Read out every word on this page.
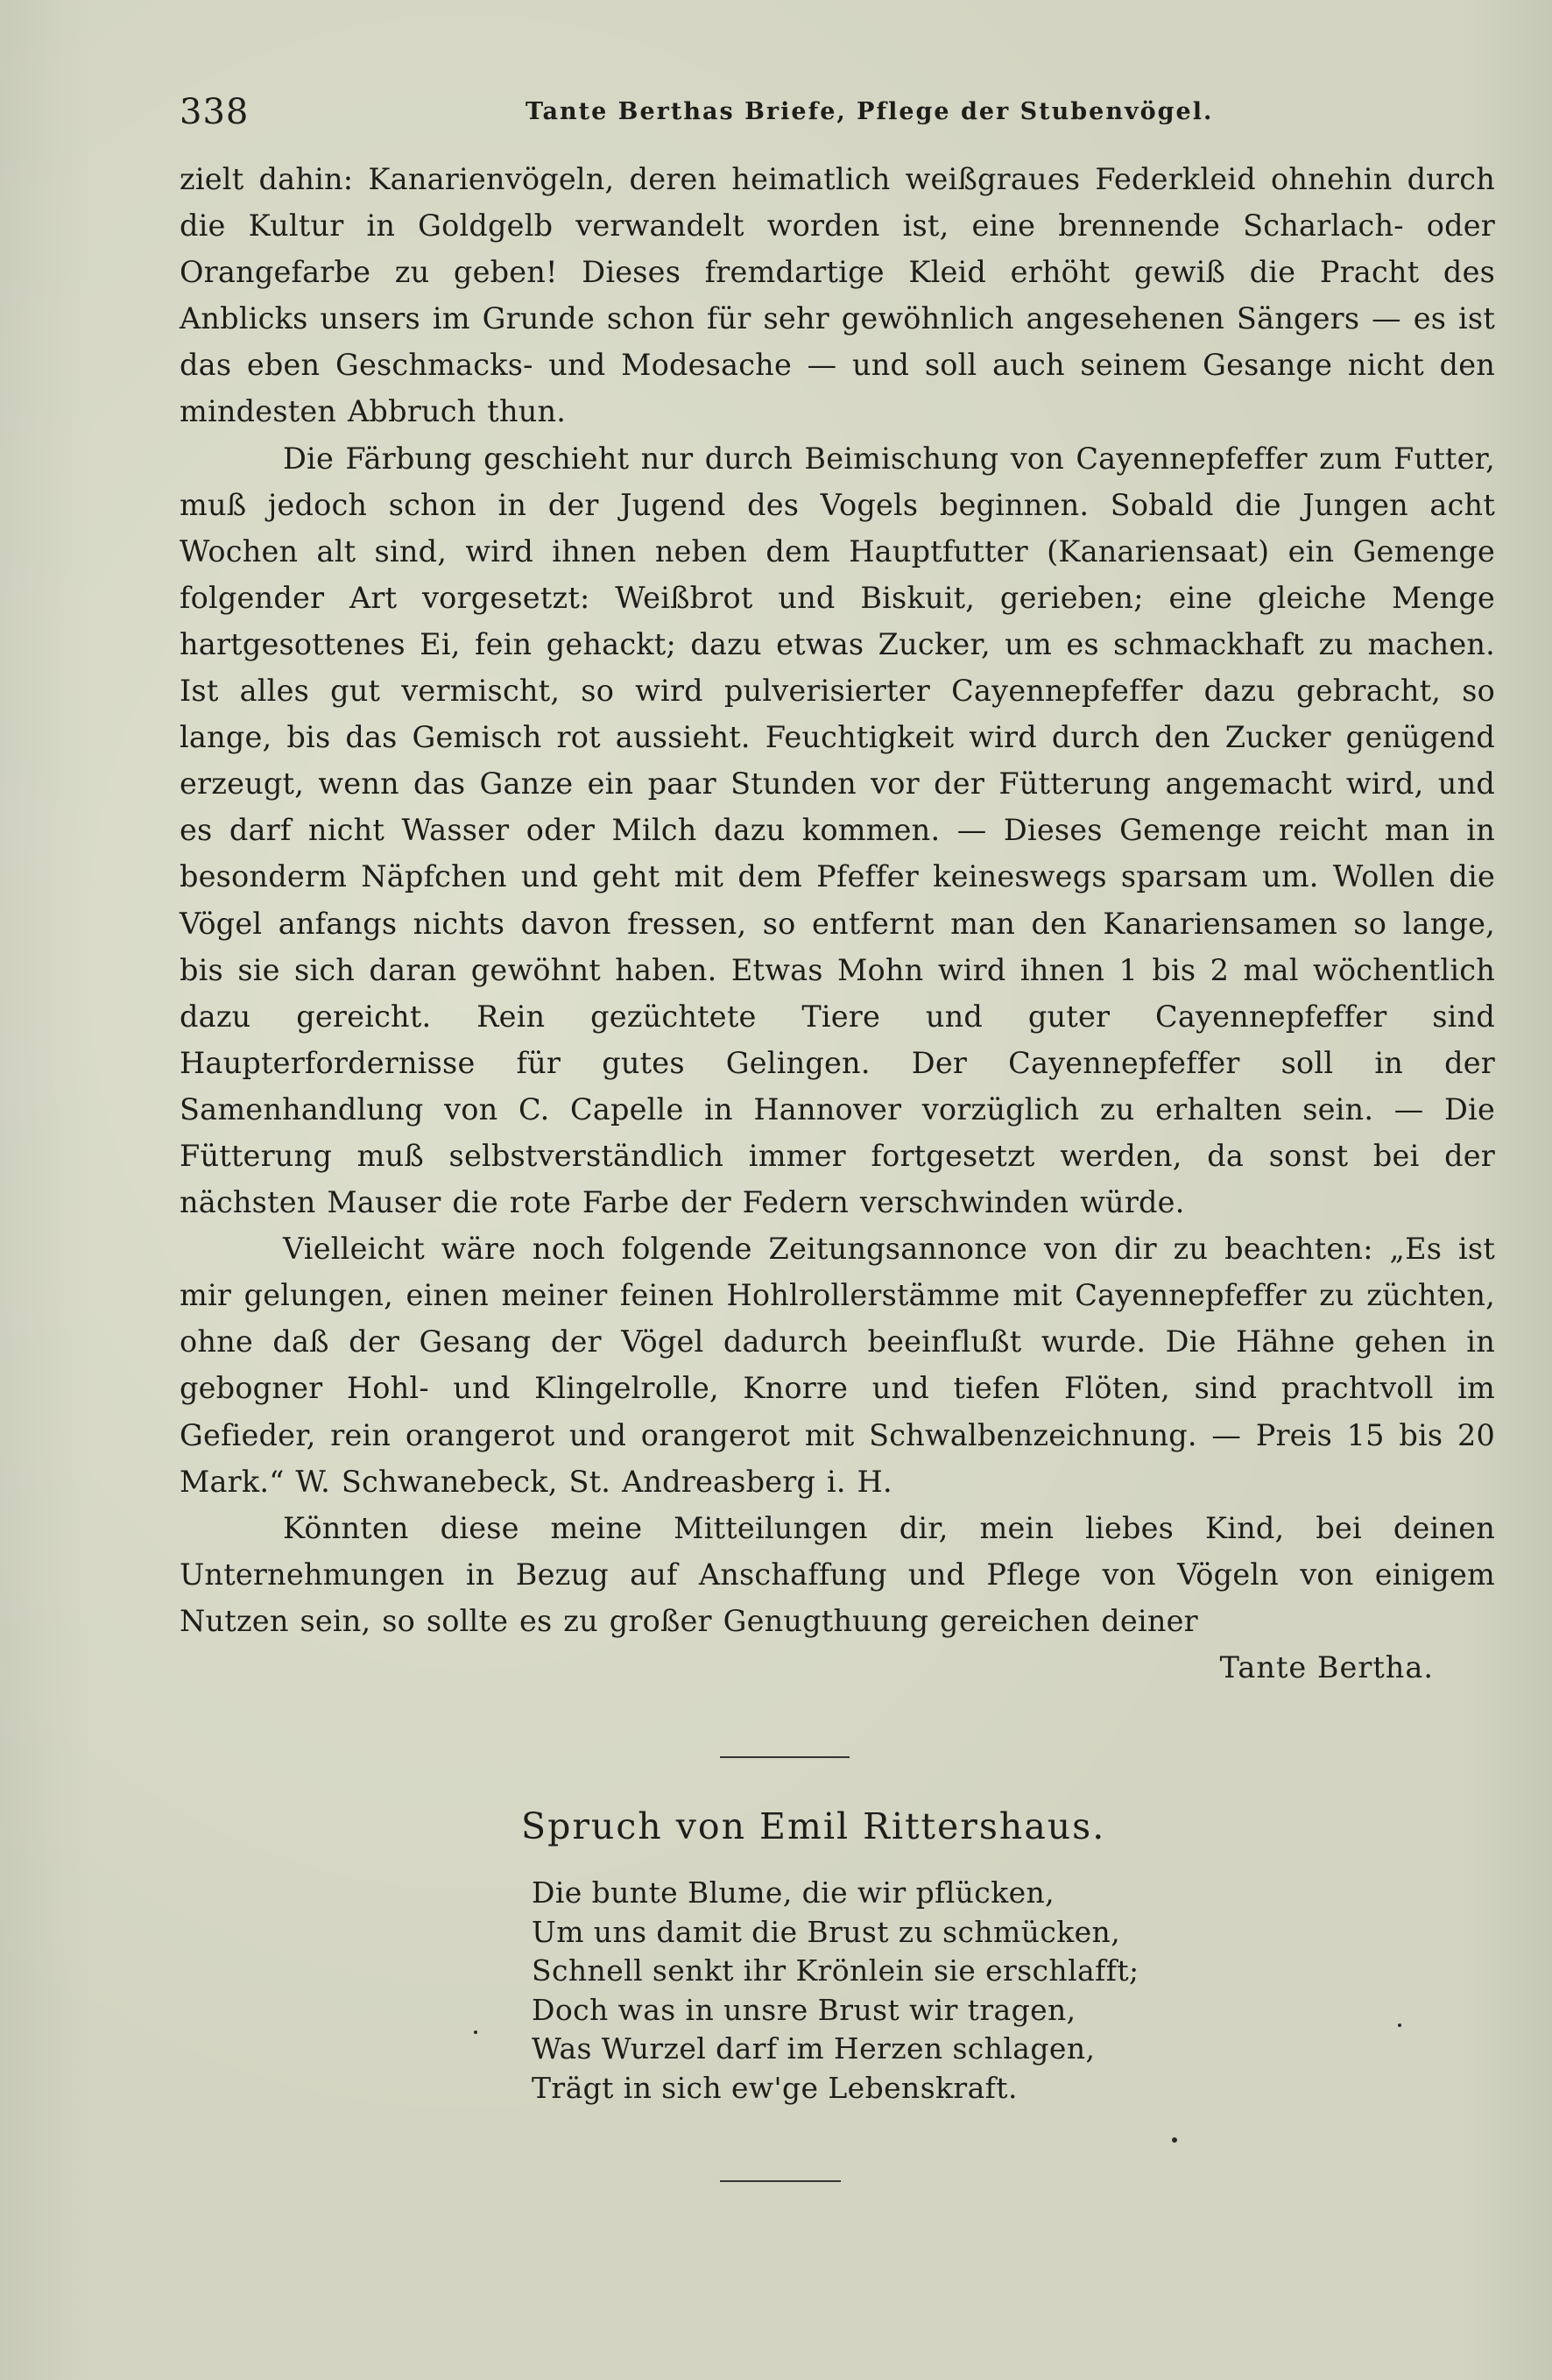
338	Tante Berthas Briefe, Pflege der Stubenvögel.

zielt dahin: Kanarienvögeln, deren heimatlich weißgraues Federkleid ohnehin durch die Kultur in Goldgelb verwandelt worden ist, eine brennende Scharlach- oder Orangefarbe zu geben! Dieses fremdartige Kleid erhöht gewiß die Pracht des Anblicks unsers im Grunde schon für sehr gewöhnlich angesehenen Sängers — es ist das eben Geschmacks- und Modesache — und soll auch seinem Gesange nicht den mindesten Abbruch thun.

Die Färbung geschieht nur durch Beimischung von Cayennepfeffer zum Futter, muß jedoch schon in der Jugend des Vogels beginnen. Sobald die Jungen acht Wochen alt sind, wird ihnen neben dem Hauptfutter (Kanariensaat) ein Gemenge folgender Art vorgesetzt: Weißbrot und Biskuit, gerieben; eine gleiche Menge hartgesottenes Ei, fein gehackt; dazu etwas Zucker, um es schmackhaft zu machen. Ist alles gut vermischt, so wird pulverisierter Cayennepfeffer dazu gebracht, so lange, bis das Gemisch rot aussieht. Feuchtigkeit wird durch den Zucker genügend erzeugt, wenn das Ganze ein paar Stunden vor der Fütterung angemacht wird, und es darf nicht Wasser oder Milch dazu kommen. — Dieses Gemenge reicht man in besonderm Näpfchen und geht mit dem Pfeffer keineswegs sparsam um. Wollen die Vögel anfangs nichts davon fressen, so entfernt man den Kanariensamen so lange, bis sie sich daran gewöhnt haben. Etwas Mohn wird ihnen 1 bis 2 mal wöchentlich dazu gereicht. Rein gezüchtete Tiere und guter Cayennepfeffer sind Haupterfordernisse für gutes Gelingen. Der Cayennepfeffer soll in der Samenhandlung von C. Capelle in Hannover vorzüglich zu erhalten sein. — Die Fütterung muß selbstverständlich immer fortgesetzt werden, da sonst bei der nächsten Mauser die rote Farbe der Federn verschwinden würde.

Vielleicht wäre noch folgende Zeitungsannonce von dir zu beachten: „Es ist mir gelungen, einen meiner feinen Hohlrollerstämme mit Cayennepfeffer zu züchten, ohne daß der Gesang der Vögel dadurch beeinflußt wurde. Die Hähne gehen in gebogner Hohl- und Klingelrolle, Knorre und tiefen Flöten, sind prachtvoll im Gefieder, rein orangerot und orangerot mit Schwalbenzeichnung. — Preis 15 bis 20 Mark.“ W. Schwanebeck, St. Andreasberg i. H.

Könnten diese meine Mitteilungen dir, mein liebes Kind, bei deinen Unternehmungen in Bezug auf Anschaffung und Pflege von Vögeln von einigem Nutzen sein, so sollte es zu großer Genugthuung gereichen deiner

Tante Bertha.

Spruch von Emil Rittershaus.
Die bunte Blume, die wir pflücken,
Um uns damit die Brust zu schmücken,
Schnell senkt ihr Krönlein sie erschlafft;
Doch was in unsre Brust wir tragen,
Was Wurzel darf im Herzen schlagen,
Trägt in sich ew'ge Lebenskraft.
